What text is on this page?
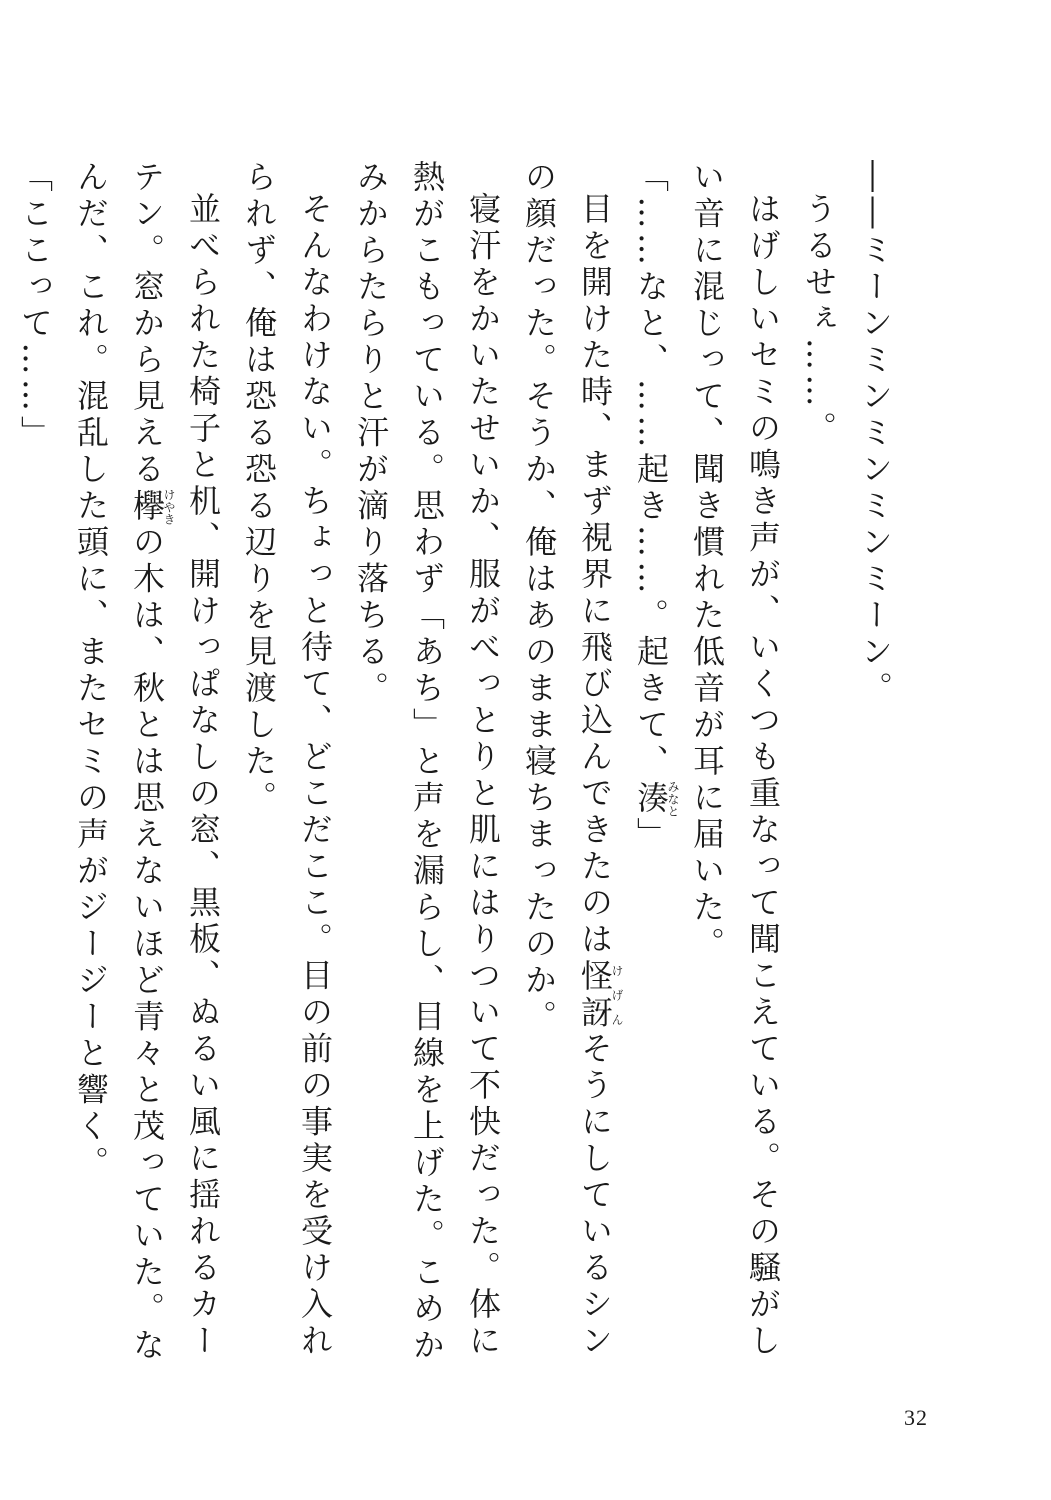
――ミーンミンミンミンミーン。

うるせぇ……。

はげしいセミの鳴き声が、いくつも重なって聞こえている。その騒がしい音に混じって、聞き慣れた低音が耳に届いた。

「……なと、……起き……。起きて、湊みなと」

目を開けた時、まず視界に飛び込んできたのは怪訝けげんそうにしているシンの顔だった。そうか、俺はあのまま寝ちまったのか。

寝汗をかいたせいか、服がべっとりと肌にはりついて不快だった。体に熱がこもっている。思わず「あち」と声を漏らし、目線を上げた。こめかみからたらりと汗が滴り落ちる。

そんなわけない。ちょっと待て、どこだここ。目の前の事実を受け入れられず、俺は恐る恐る辺りを見渡した。

並べられた椅子と机、開けっぱなしの窓、黒板、ぬるい風に揺れるカーテン。窓から見える欅けやきの木は、秋とは思えないほど青々と茂っていた。なんだ、これ。混乱した頭に、またセミの声がジージーと響く。

「ここって……」

32
